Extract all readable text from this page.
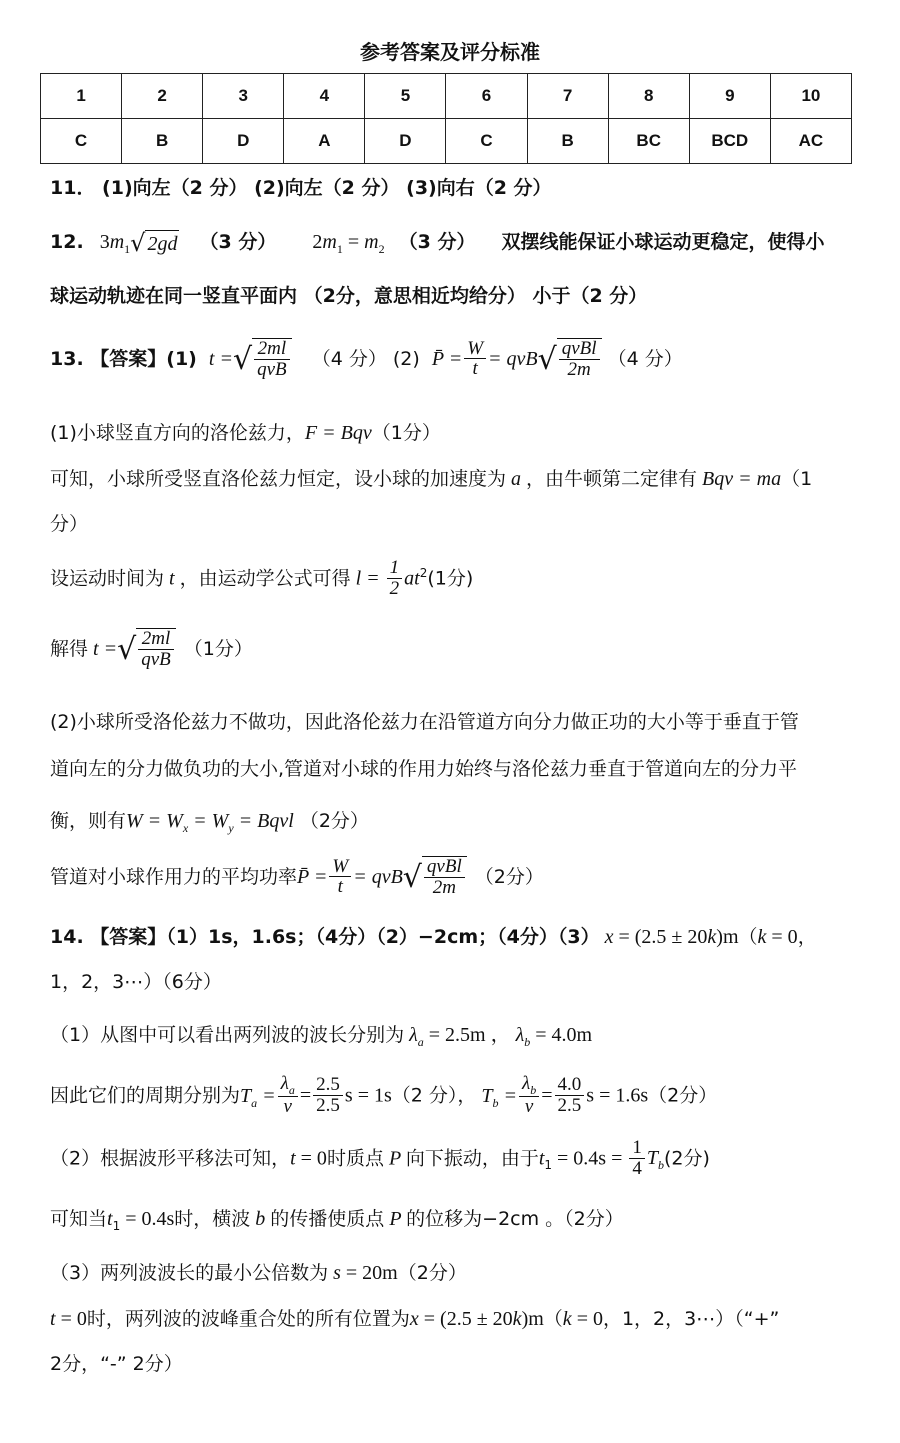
参考答案及评分标准
1	2	3	4	5	6	7	8	9	10
C	B	D	A	D	C	B	BC	BCD	AC
11． (1)向左（2 分） (2)向左（2 分） (3)向右（2 分）
12. $3m_1√$ 2gd （3 分） $2m_1 = m_2$ （3 分） 双摆线能保证小球运动更稳定，使得小
球运动轨迹在同一竖直平面内 （2分，意思相近均给分） 小于（2 分）
13. 【答案】(1) t =√ $\frac{2ml}{\text{qvB}} (4$ 分） (2) P̄ = $\frac{W}{t} = qvB√ \frac{\text{qvBl}}{2m} (4$ 分）
(1)小球竖直方向的洛伦兹力，F = Bqv（1分）
可知，小球所受竖直洛伦兹力恒定，设小球的加速度为 a ，由牛顿第二定律有 Bqv = ma（1
分）
设运动时间为 t ，由运动学公式可得 $l = \frac{1}{2} at^2(1$分)
解得 t =√ $\frac{2ml}{\text{qvB}} (1$分）
(2)小球所受洛伦兹力不做功，因此洛伦兹力在沿管道方向分力做正功的大小等于垂直于管
道向左的分力做负功的大小,管道对小球的作用力始终与洛伦兹力垂直于管道向左的分力平
衡，则有$W = W_x = W_y$ = Bqvl （2分）
管道对小球作用力的平均功率P̄ = $\frac{W}{t} = qvB√ \frac{\text{qvBl}}{2m} (2$分）
14. 【答案】（1）1s，1.6s；（4分）（2）−2cm；（4分）（3） x = (2.5 ± 20k)m（k = 0，
1，2，3⋯）（6分）
（1）从图中可以看出两列波的波长分别为 $\lambda_a = 2.5m$ ， $\lambda_b = 4.0m$
因此它们的周期分别为$T_a = \frac{\lambda_a}{v} = \frac{2.5}{2.5}$ s = 1s（2 分）， $T_b = \frac{\lambda_b}{v} = \frac{4.0}{2.5}$ s = 1.6s（2分）
（2）根据波形平移法可知，t = 0时质点 P 向下振动，由于$t_1 = 0.4s = \frac{1}{4} T_b(2$分)
可知当$t_1 = 0.4s$时，横波 b 的传播使质点 P 的位移为−2cm 。（2分）
（3）两列波波长的最小公倍数为 s = 20m（2分）
t = 0时，两列波的波峰重合处的所有位置为x = (2.5 ± 20k)m（k = 0，1，2，3⋯）（“+”
2分，“-” 2分）
